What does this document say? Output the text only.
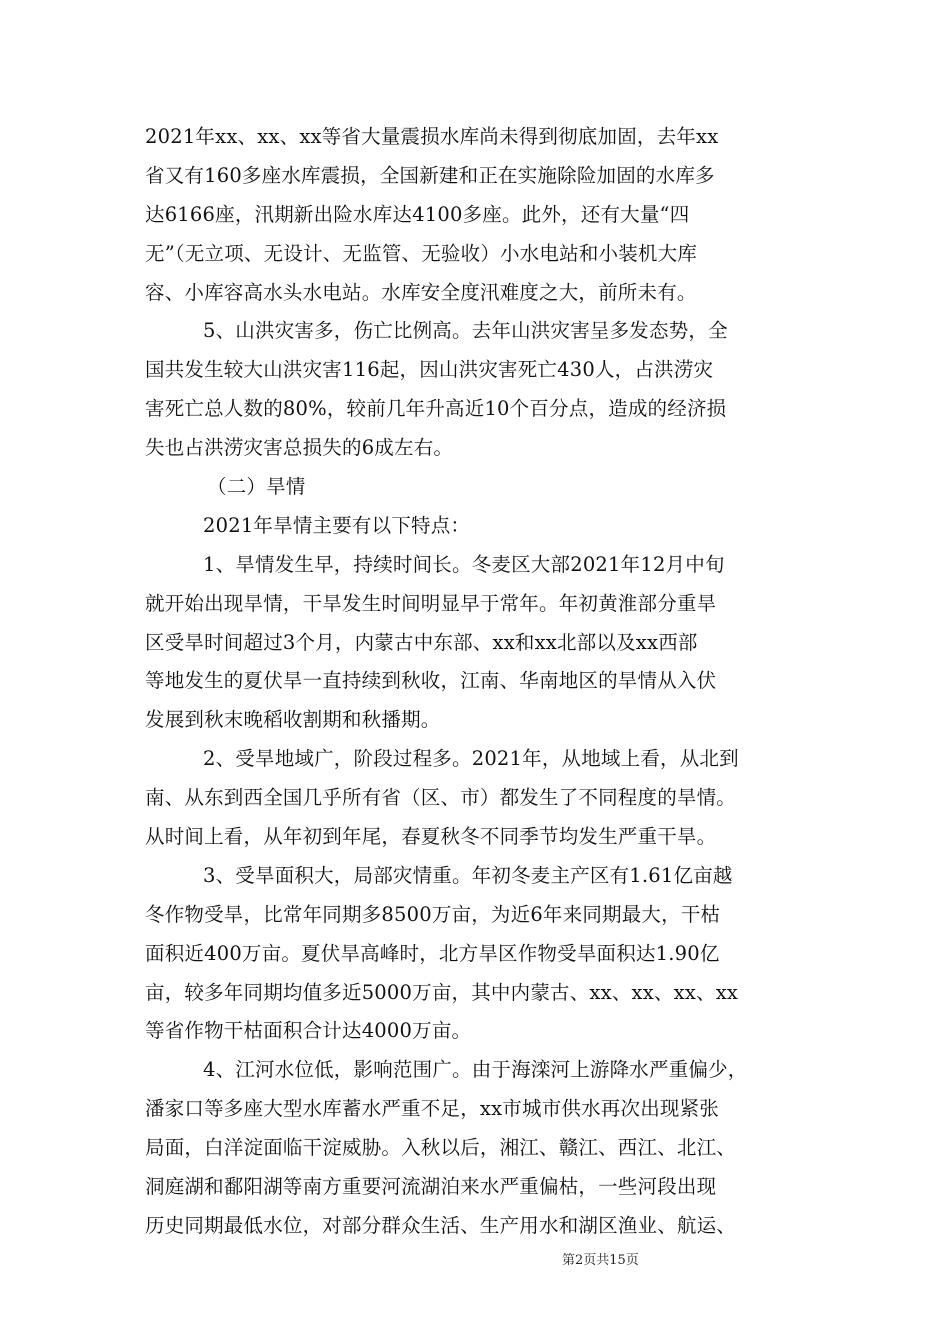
2021年xx、xx、xx等省大量震损水库尚未得到彻底加固，去年xx
省又有160多座水库震损，全国新建和正在实施除险加固的水库多
达6166座，汛期新出险水库达4100多座。此外，还有大量“四
无”（无立项、无设计、无监管、无验收）小水电站和小装机大库
容、小库容高水头水电站。水库安全度汛难度之大，前所未有。
5、山洪灾害多，伤亡比例高。去年山洪灾害呈多发态势，全
国共发生较大山洪灾害116起，因山洪灾害死亡430人，占洪涝灾
害死亡总人数的80%，较前几年升高近10个百分点，造成的经济损
失也占洪涝灾害总损失的6成左右。
（二）旱情
2021年旱情主要有以下特点：
1、旱情发生早，持续时间长。冬麦区大部2021年12月中旬
就开始出现旱情，干旱发生时间明显早于常年。年初黄淮部分重旱
区受旱时间超过3个月，内蒙古中东部、xx和xx北部以及xx西部
等地发生的夏伏旱一直持续到秋收，江南、华南地区的旱情从入伏
发展到秋末晚稻收割期和秋播期。
2、受旱地域广，阶段过程多。2021年，从地域上看，从北到
南、从东到西全国几乎所有省（区、市）都发生了不同程度的旱情。
从时间上看，从年初到年尾，春夏秋冬不同季节均发生严重干旱。
3、受旱面积大，局部灾情重。年初冬麦主产区有1.61亿亩越
冬作物受旱，比常年同期多8500万亩，为近6年来同期最大，干枯
面积近400万亩。夏伏旱高峰时，北方旱区作物受旱面积达1.90亿
亩，较多年同期均值多近5000万亩，其中内蒙古、xx、xx、xx、xx
等省作物干枯面积合计达4000万亩。
4、江河水位低，影响范围广。由于海滦河上游降水严重偏少，
潘家口等多座大型水库蓄水严重不足，xx市城市供水再次出现紧张
局面，白洋淀面临干淀威胁。入秋以后，湘江、赣江、西江、北江、
洞庭湖和鄱阳湖等南方重要河流湖泊来水严重偏枯，一些河段出现
历史同期最低水位，对部分群众生活、生产用水和湖区渔业、航运、
第2页共15页
